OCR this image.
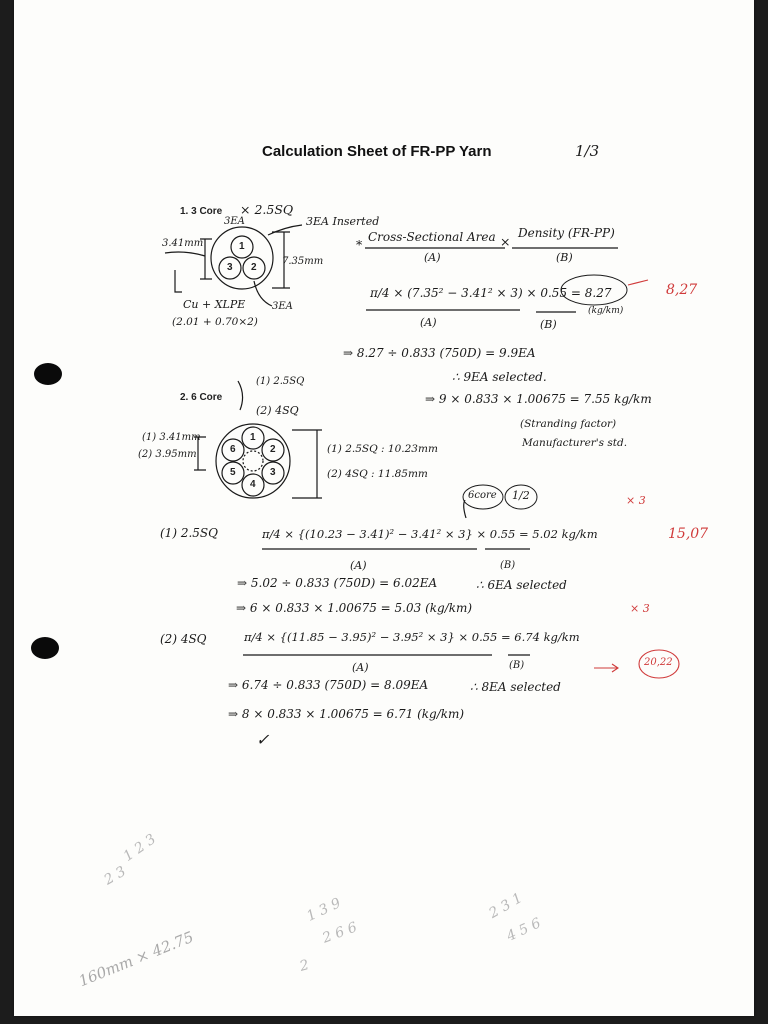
Calculation Sheet of FR-PP Yarn	1/3
1. 3 Core × 2.5SQ
3EA	3EA Inserted
3.41mm
7.35mm
Cu + XLPE
(2.01 + 0.70×2)
3EA
1
2
3
* Cross-Sectional Area
(A)
×
Density (FR-PP)
(B)
π/4 × (7.35² − 3.41² × 3) × 0.55 = 8.27
(kg/km)
(A)	(B)
⇒ 8.27 ÷ 0.833 (750D) = 9.9EA
∴ 9EA selected.
⇒ 9 × 0.833 × 1.00675 = 7.55 kg/km
(Stranding factor)
Manufacturer's std.
8,27
2. 6 Core
(1) 2.5SQ
(2) 4SQ
(1) 3.41mm
(2) 3.95mm	(1) 2.5SQ : 10.23mm
(2) 4SQ : 11.85mm
1
2
3
4
5
6
6core 1/2	× 3
15,07
(1) 2.5SQ	π/4 × {(10.23 − 3.41)² − 3.41² × 3} × 0.55 = 5.02 kg/km
(A)	(B)
⇒ 5.02 ÷ 0.833 (750D) = 6.02EA	∴ 6EA selected
⇒ 6 × 0.833 × 1.00675 = 5.03 (kg/km)	× 3
(2) 4SQ	π/4 × {(11.85 − 3.95)² − 3.95² × 3} × 0.55 = 6.74 kg/km
(A)	(B)
⇒ 6.74 ÷ 0.833 (750D) = 8.09EA	∴ 8EA selected
⇒ 8 × 0.833 × 1.00675 = 6.71 (kg/km)
✓
20,22
2 3
1 2 3
160mm × 42.75
1 3 9
2 6 6
2 3 1
4 5 6
2
